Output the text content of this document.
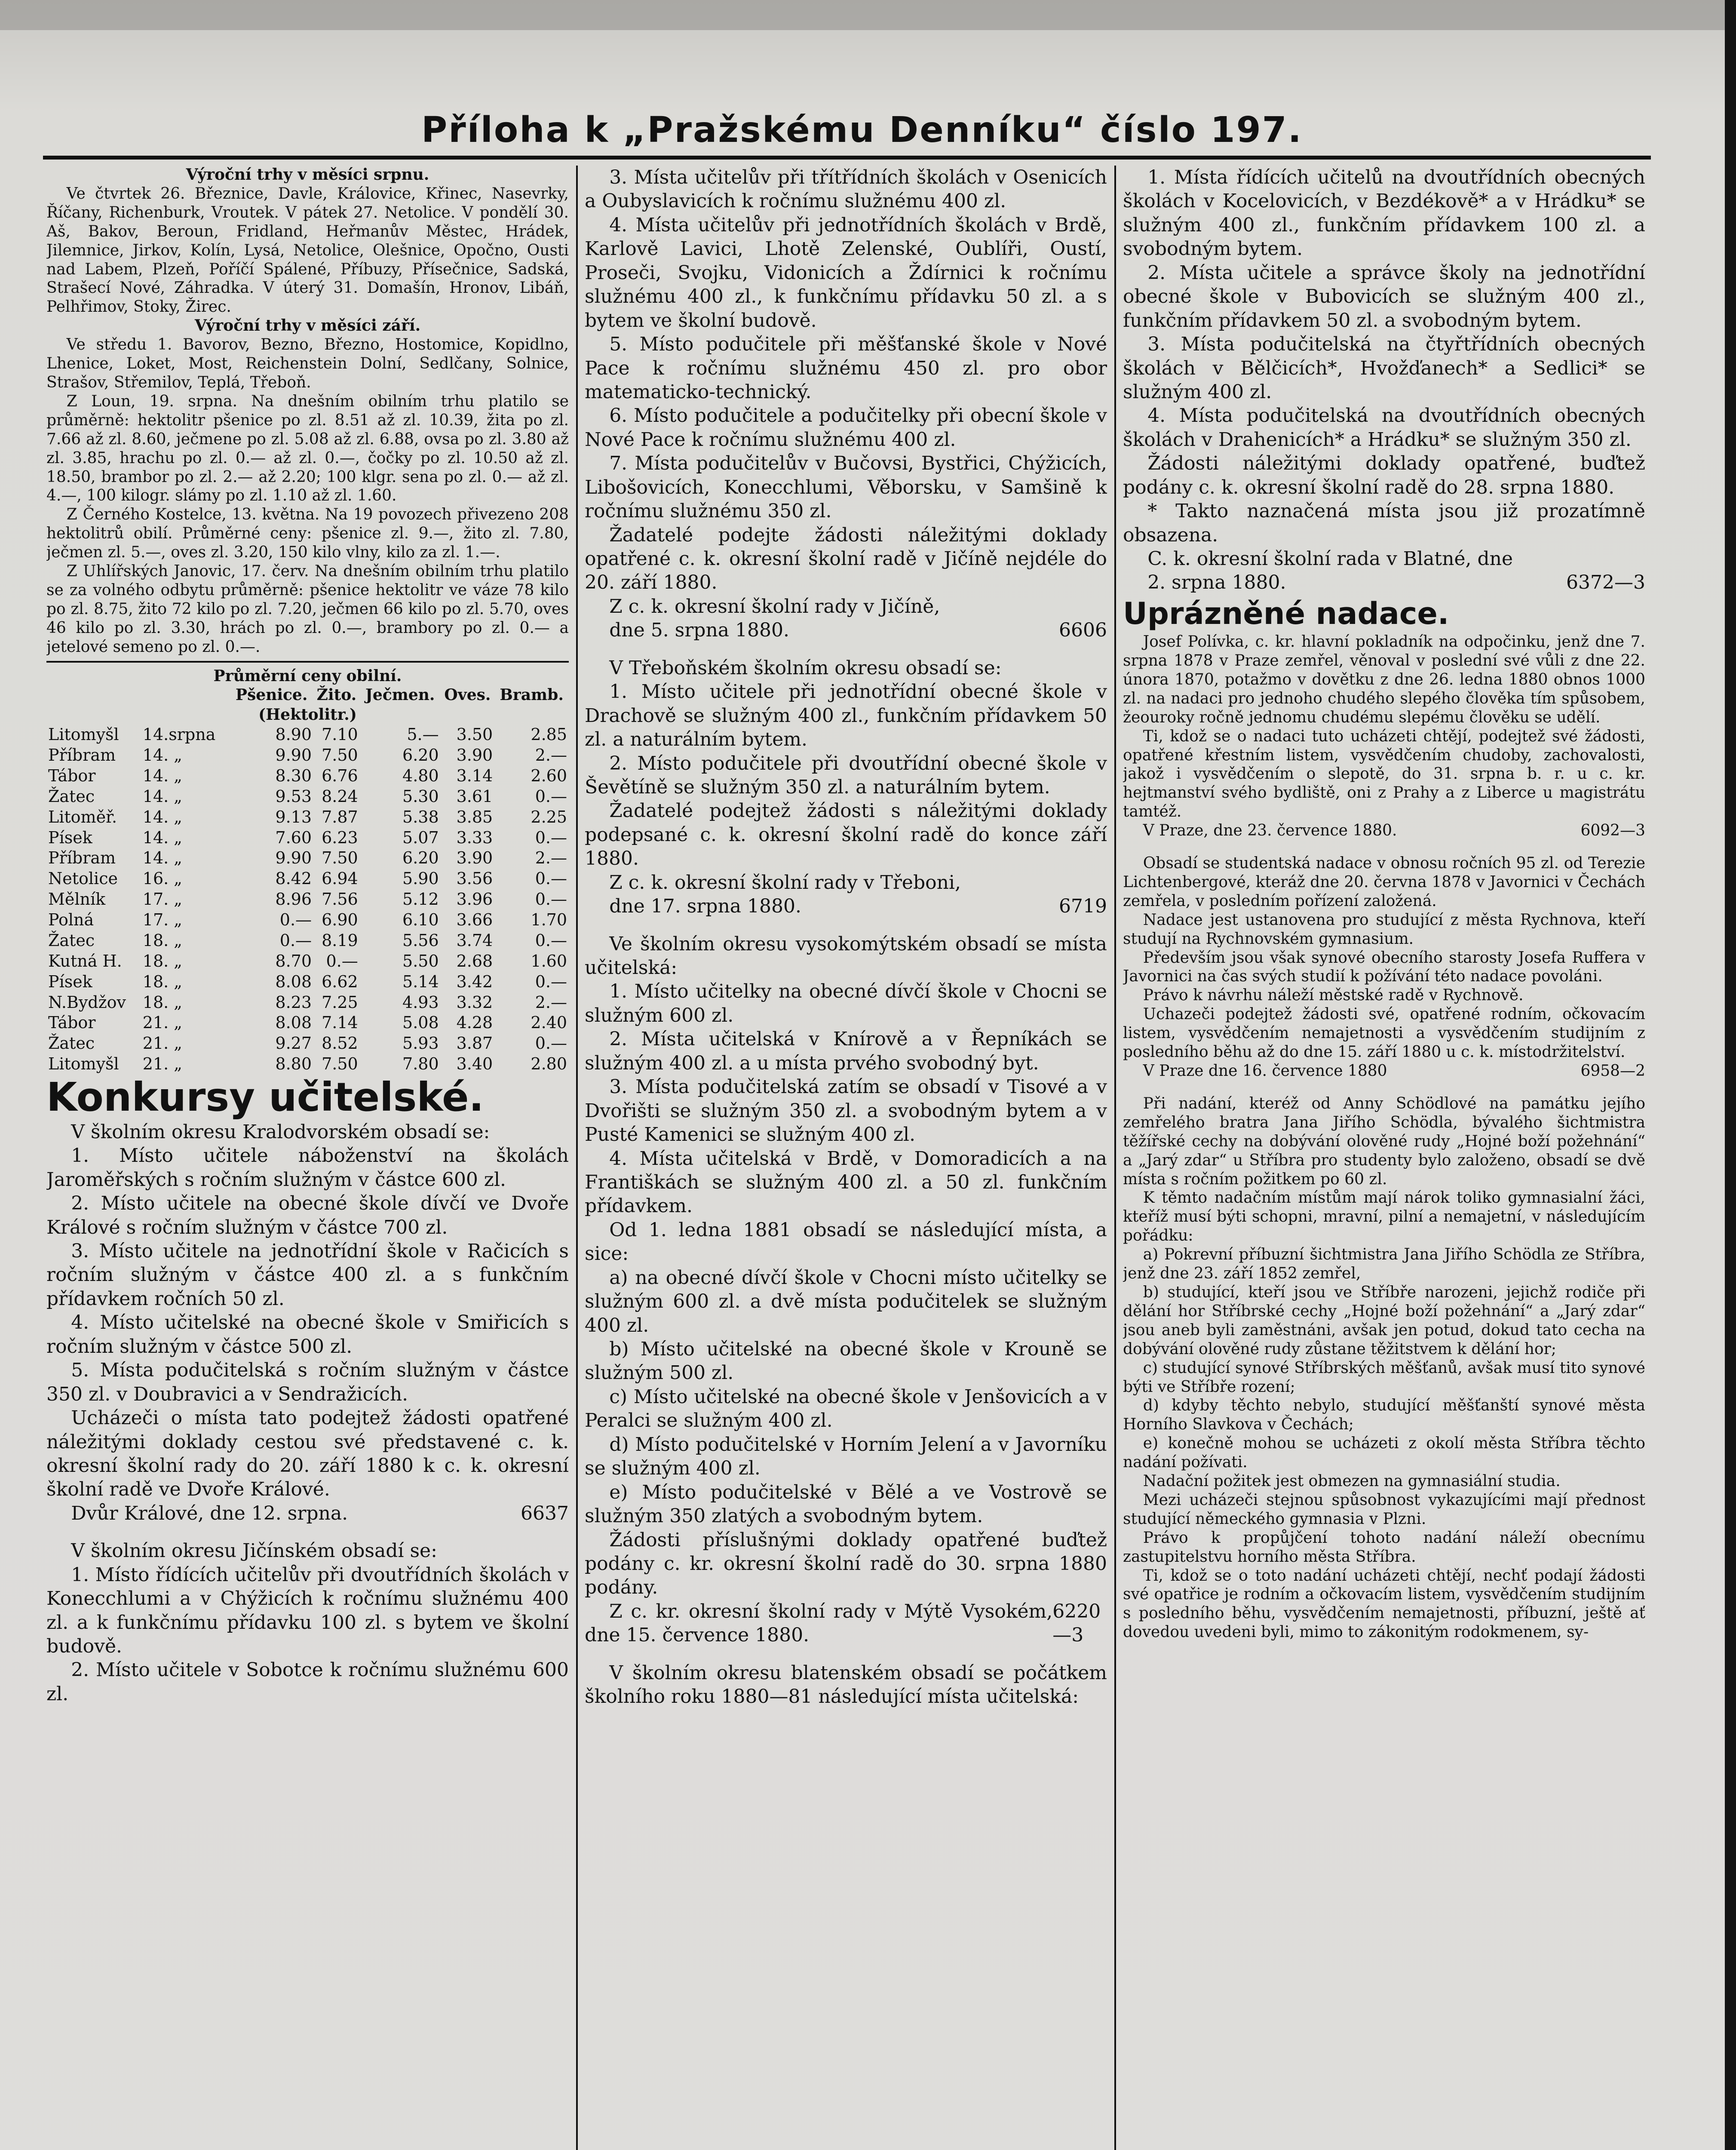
Příloha k „Pražskému Denníku“ číslo 197.

Výroční trhy v měsíci srpnu.

Ve čtvrtek 26. Březnice, Davle, Královice, Křinec, Nasevrky, Říčany, Richenburk, Vroutek. V pátek 27. Netolice. V pondělí 30. Aš, Bakov, Beroun, Fridland, Heřmanův Městec, Hrádek, Jilemnice, Jirkov, Kolín, Lysá, Netolice, Olešnice, Opočno, Ousti nad Labem, Plzeň, Poříčí Spálené, Příbuzy, Přísečnice, Sadská, Strašecí Nové, Záhradka. V úterý 31. Domašín, Hronov, Libáň, Pelhřimov, Stoky, Žirec.

Výroční trhy v měsíci září.

Ve středu 1. Bavorov, Bezno, Březno, Hostomice, Kopidlno, Lhenice, Loket, Most, Reichenstein Dolní, Sedlčany, Solnice, Strašov, Střemilov, Teplá, Třeboň.

Z Loun, 19. srpna. Na dnešním obilním trhu platilo se průměrně: hektolitr pšenice po zl. 8.51 až zl. 10.39, žita po zl. 7.66 až zl. 8.60, ječmene po zl. 5.08 až zl. 6.88, ovsa po zl. 3.80 až zl. 3.85, hrachu po zl. 0.— až zl. 0.—, čočky po zl. 10.50 až zl. 18.50, brambor po zl. 2.— až 2.20; 100 klgr. sena po zl. 0.— až zl. 4.—, 100 kilogr. slámy po zl. 1.10 až zl. 1.60.

Z Černého Kostelce, 13. května. Na 19 povozech přivezeno 208 hektolitrů obilí. Průměrné ceny: pšenice zl. 9.—, žito zl. 7.80, ječmen zl. 5.—, oves zl. 3.20, 150 kilo vlny, kilo za zl. 1.—.

Z Uhlířských Janovic, 17. červ. Na dnešním obilním trhu platilo se za volného odbytu průměrně: pšenice hektolitr ve váze 78 kilo po zl. 8.75, žito 72 kilo po zl. 7.20, ječmen 66 kilo po zl. 5.70, oves 46 kilo po zl. 3.30, hrách po zl. 0.—, brambory po zl. 0.— a jetelové semeno po zl. 0.—.

Průměrní ceny obilní.

		Pšenice.	Žito.	Ječmen.	Oves.	Bramb.
(Hektolitr.)						
Litomyšl	14.srpna	8.90	7.10	5.—	3.50	2.85
Příbram	14. „	9.90	7.50	6.20	3.90	2.—
Tábor	14. „	8.30	6.76	4.80	3.14	2.60
Žatec	14. „	9.53	8.24	5.30	3.61	0.—
Litoměř.	14. „	9.13	7.87	5.38	3.85	2.25
Písek	14. „	7.60	6.23	5.07	3.33	0.—
Příbram	14. „	9.90	7.50	6.20	3.90	2.—
Netolice	16. „	8.42	6.94	5.90	3.56	0.—
Mělník	17. „	8.96	7.56	5.12	3.96	0.—
Polná	17. „	0.—	6.90	6.10	3.66	1.70
Žatec	18. „	0.—	8.19	5.56	3.74	0.—
Kutná H.	18. „	8.70	0.—	5.50	2.68	1.60
Písek	18. „	8.08	6.62	5.14	3.42	0.—
N.Bydžov	18. „	8.23	7.25	4.93	3.32	2.—
Tábor	21. „	8.08	7.14	5.08	4.28	2.40
Žatec	21. „	9.27	8.52	5.93	3.87	0.—
Litomyšl	21. „	8.80	7.50	7.80	3.40	2.80

Konkursy učitelské.

V školním okresu Kralodvorském obsadí se:

1. Místo učitele náboženství na školách Jaroměřských s ročním služným v částce 600 zl.

2. Místo učitele na obecné škole dívčí ve Dvoře Králové s ročním služným v částce 700 zl.

3. Místo učitele na jednotřídní škole v Račicích s ročním služným v částce 400 zl. a s funkčním přídavkem ročních 50 zl.

4. Místo učitelské na obecné škole v Smiřicích s ročním služným v částce 500 zl.

5. Místa podučitelská s ročním služným v částce 350 zl. v Doubravici a v Sendražicích.

Ucházeči o místa tato podejtež žádosti opatřené náležitými doklady cestou své představené c. k. okresní školní rady do 20. září 1880 k c. k. okresní školní radě ve Dvoře Králové.

Dvůr Králové, dne 12. srpna.	6637

V školním okresu Jičínském obsadí se:

1. Místo řídících učitelův při dvoutřídních školách v Konecchlumi a v Chýžicích k ročnímu služnému 400 zl. a k funkčnímu přídavku 100 zl. s bytem ve školní budově.

2. Místo učitele v Sobotce k ročnímu služnému 600 zl.

3. Místa učitelův při třítřídních školách v Osenicích a Oubyslavicích k ročnímu služnému 400 zl.

4. Místa učitelův při jednotřídních školách v Brdě, Karlově Lavici, Lhotě Zelenské, Oublíři, Oustí, Proseči, Svojku, Vidonicích a Ždírnici k ročnímu služnému 400 zl., k funkčnímu přídavku 50 zl. a s bytem ve školní budově.

5. Místo podučitele při měšťanské škole v Nové Pace k ročnímu služnému 450 zl. pro obor matematicko-technický.

6. Místo podučitele a podučitelky při obecní škole v Nové Pace k ročnímu služnému 400 zl.

7. Místa podučitelův v Bučovsi, Bystřici, Chýžicích, Libošovicích, Konecchlumi, Věborsku, v Samšině k ročnímu služnému 350 zl.

Žadatelé podejte žádosti náležitými doklady opatřené c. k. okresní školní radě v Jičíně nejdéle do 20. září 1880.

Z c. k. okresní školní rady v Jičíně,

dne 5. srpna 1880.	6606

V Třeboňském školním okresu obsadí se:

1. Místo učitele při jednotřídní obecné škole v Drachově se služným 400 zl., funkčním přídavkem 50 zl. a naturálním bytem.

2. Místo podučitele při dvoutřídní obecné škole v Ševětíně se služným 350 zl. a naturálním bytem.

Žadatelé podejtež žádosti s náležitými doklady podepsané c. k. okresní školní radě do konce září 1880.

Z c. k. okresní školní rady v Třeboni,

dne 17. srpna 1880.	6719

Ve školním okresu vysokomýtském obsadí se místa učitelská:

1. Místo učitelky na obecné dívčí škole v Chocni se služným 600 zl.

2. Místa učitelská v Knírově a v Řepníkách se služným 400 zl. a u místa prvého svobodný byt.

3. Místa podučitelská zatím se obsadí v Tisové a v Dvořišti se služným 350 zl. a svobodným bytem a v Pusté Kamenici se služným 400 zl.

4. Místa učitelská v Brdě, v Domoradicích a na Františkách se služným 400 zl. a 50 zl. funkčním přídavkem.

Od 1. ledna 1881 obsadí se následující místa, a sice:

a) na obecné dívčí škole v Chocni místo učitelky se služným 600 zl. a dvě místa podučitelek se služným 400 zl.

b) Místo učitelské na obecné škole v Krouně se služným 500 zl.

c) Místo učitelské na obecné škole v Jenšovicích a v Peralci se služným 400 zl.

d) Místo podučitelské v Horním Jelení a v Javorníku se služným 400 zl.

e) Místo podučitelské v Bělé a ve Vostrově se služným 350 zlatých a svobodným bytem.

Žádosti příslušnými doklady opatřené buďtež podány c. kr. okresní školní radě do 30. srpna 1880 podány.

Z c. kr. okresní školní rady v Mýtě Vysokém, dne 15. července 1880.
6220—3

V školním okresu blatenském obsadí se počátkem školního roku 1880—81 následující místa učitelská:

1. Místa řídících učitelů na dvoutřídních obecných školách v Kocelovicích, v Bezdékově* a v Hrádku* se služným 400 zl., funkčním přídavkem 100 zl. a svobodným bytem.

2. Místa učitele a správce školy na jednotřídní obecné škole v Bubovicích se služným 400 zl., funkčním přídavkem 50 zl. a svobodným bytem.

3. Místa podučitelská na čtyřtřídních obecných školách v Bělčicích*, Hvožďanech* a Sedlici* se služným 400 zl.

4. Místa podučitelská na dvoutřídních obecných školách v Drahenicích* a Hrádku* se služným 350 zl.

Žádosti náležitými doklady opatřené, buďtež podány c. k. okresní školní radě do 28. srpna 1880.

* Takto naznačená místa jsou již prozatímně obsazena.

C. k. okresní školní rada v Blatné, dne

2. srpna 1880.	6372—3

Uprázněné nadace.

Josef Polívka, c. kr. hlavní pokladník na odpočinku, jenž dne 7. srpna 1878 v Praze zemřel, věnoval v poslední své vůli z dne 22. února 1870, potažmo v dovětku z dne 26. ledna 1880 obnos 1000 zl. na nadaci pro jednoho chudého slepého člověka tím spůsobem, žeouroky ročně jednomu chudému slepému člověku se udělí.

Ti, kdož se o nadaci tuto ucházeti chtějí, podejtež své žádosti, opatřené křestním listem, vysvědčením chudoby, zachovalosti, jakož i vysvědčením o slepotě, do 31. srpna b. r. u c. kr. hejtmanství svého bydliště, oni z Prahy a z Liberce u magistrátu tamtéž.

V Praze, dne 23. července 1880.	6092—3

Obsadí se studentská nadace v obnosu ročních 95 zl. od Terezie Lichtenbergové, kteráž dne 20. června 1878 v Javornici v Čechách zemřela, v posledním pořízení založená.

Nadace jest ustanovena pro studující z města Rychnova, kteří studují na Rychnovském gymnasium.

Především jsou však synové obecního starosty Josefa Ruffera v Javornici na čas svých studií k požívání této nadace povoláni.

Právo k návrhu náleží městské radě v Rychnově.

Uchazeči podejtež žádosti své, opatřené rodním, očkovacím listem, vysvědčením nemajetnosti a vysvědčením studijním z posledního běhu až do dne 15. září 1880 u c. k. místodržitelství.

V Praze dne 16. července 1880	6958—2

Při nadání, kteréž od Anny Schödlové na památku jejího zemřelého bratra Jana Jiřího Schödla, bývalého šichtmistra těžířské cechy na dobývání olověné rudy „Hojné boží požehnání“ a „Jarý zdar“ u Stříbra pro studenty bylo založeno, obsadí se dvě místa s ročním požitkem po 60 zl.

K těmto nadačním místům mají nárok toliko gymnasialní žáci, kteříž musí býti schopni, mravní, pilní a nemajetní, v následujícím pořádku:

a) Pokrevní příbuzní šichtmistra Jana Jiřího Schödla ze Stříbra, jenž dne 23. září 1852 zemřel,

b) studující, kteří jsou ve Stříbře narozeni, jejichž rodiče při dělání hor Stříbrské cechy „Hojné boží požehnání“ a „Jarý zdar“ jsou aneb byli zaměstnáni, avšak jen potud, dokud tato cecha na dobývání olověné rudy zůstane těžitstvem k dělání hor;

c) studující synové Stříbrských měšťanů, avšak musí tito synové býti ve Stříbře rození;

d) kdyby těchto nebylo, studující měšťanští synové města Horního Slavkova v Čechách;

e) konečně mohou se ucházeti z okolí města Stříbra těchto nadání požívati.

Nadační požitek jest obmezen na gymnasiální studia.

Mezi ucházeči stejnou spůsobnost vykazujícími mají přednost studující německého gymnasia v Plzni.

Právo k propůjčení tohoto nadání náleží obecnímu zastupitelstvu horního města Stříbra.

Ti, kdož se o toto nadání ucházeti chtějí, nechť podají žádosti své opatřice je rodním a očkovacím listem, vysvědčením studijním s posledního běhu, vysvědčením nemajetnosti, příbuzní, ještě ať dovedou uvedeni byli, mimo to zákonitým rodokmenem, sy-
